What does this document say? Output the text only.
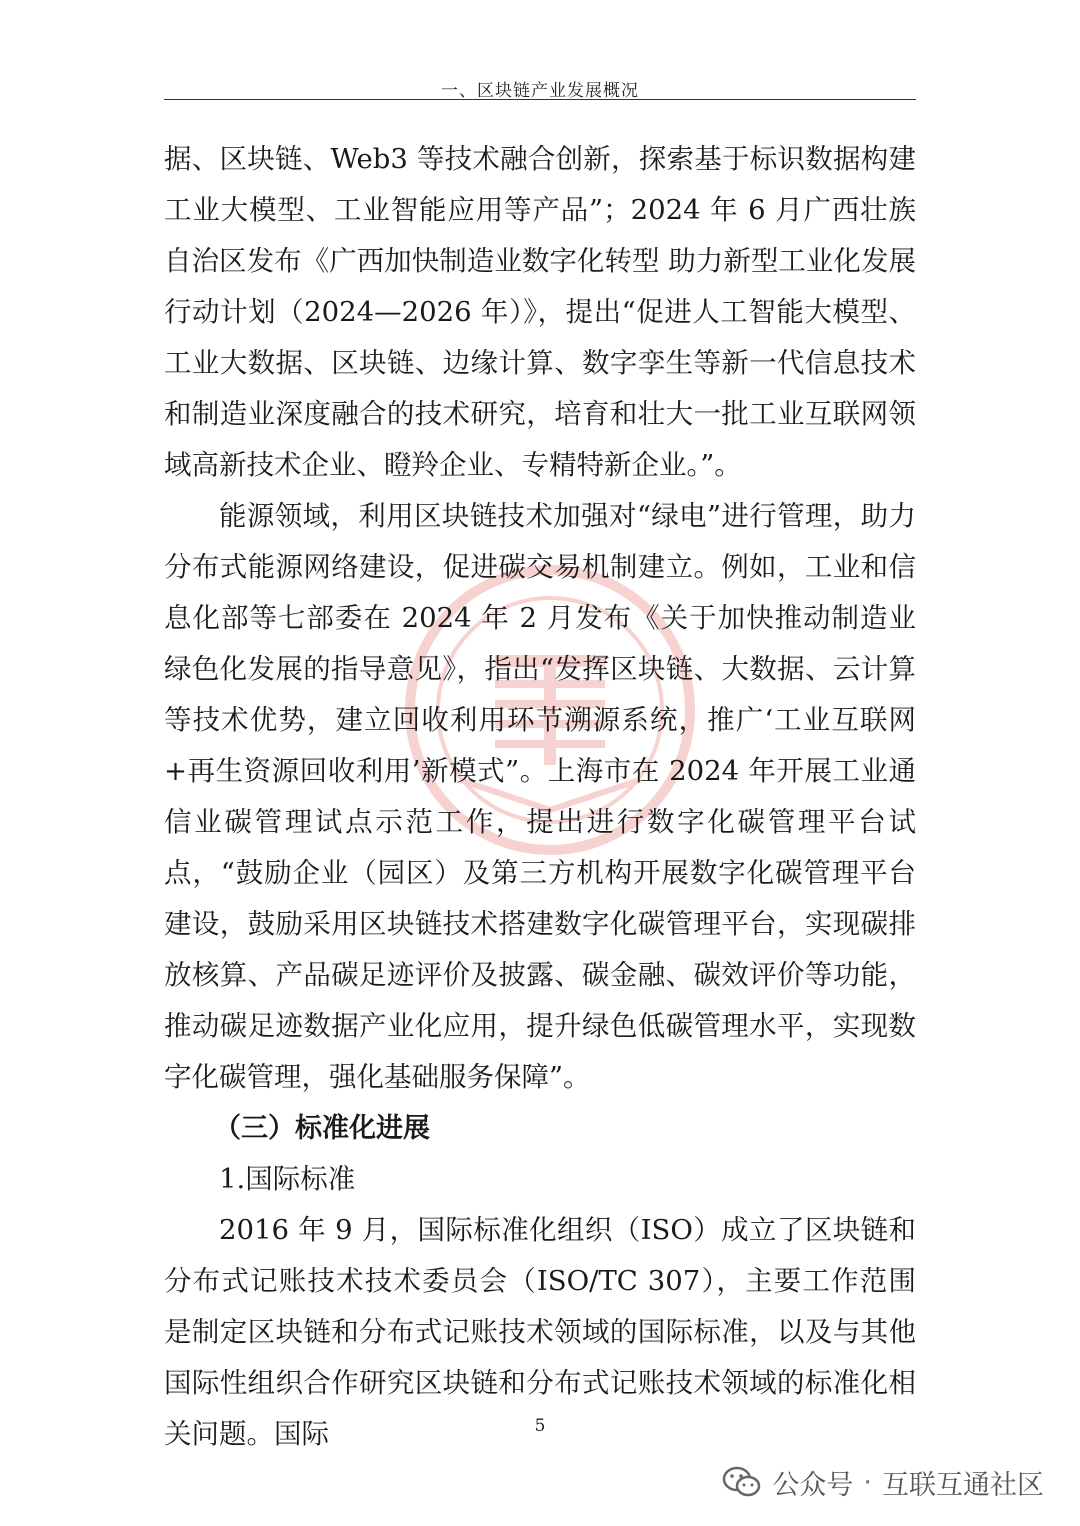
一、区块链产业发展概况

据、区块链、Web3 等技术融合创新，探索基于标识数据构建工业大模型、工业智能应用等产品”；2024 年 6 月广西壮族自治区发布《广西加快制造业数字化转型 助力新型工业化发展行动计划（2024—2026 年）》，提出“促进人工智能大模型、工业大数据、区块链、边缘计算、数字孪生等新一代信息技术和制造业深度融合的技术研究，培育和壮大一批工业互联网领域高新技术企业、瞪羚企业、专精特新企业。”。

能源领域，利用区块链技术加强对“绿电”进行管理，助力分布式能源网络建设，促进碳交易机制建立。例如，工业和信息化部等七部委在 2024 年 2 月发布《关于加快推动制造业绿色化发展的指导意见》，指出“发挥区块链、大数据、云计算等技术优势，建立回收利用环节溯源系统，推广‘工业互联网+再生资源回收利用’新模式”。上海市在 2024 年开展工业通信业碳管理试点示范工作，提出进行数字化碳管理平台试点，“鼓励企业（园区）及第三方机构开展数字化碳管理平台建设，鼓励采用区块链技术搭建数字化碳管理平台，实现碳排放核算、产品碳足迹评价及披露、碳金融、碳效评价等功能，推动碳足迹数据产业化应用，提升绿色低碳管理水平，实现数字化碳管理，强化基础服务保障”。

（三）标准化进展

1.国际标准

2016 年 9 月，国际标准化组织（ISO）成立了区块链和分布式记账技术技术委员会（ISO/TC 307），主要工作范围是制定区块链和分布式记账技术领域的国际标准，以及与其他国际性组织合作研究区块链和分布式记账技术领域的标准化相关问题。国际	5
公众号 · 互联互通社区
